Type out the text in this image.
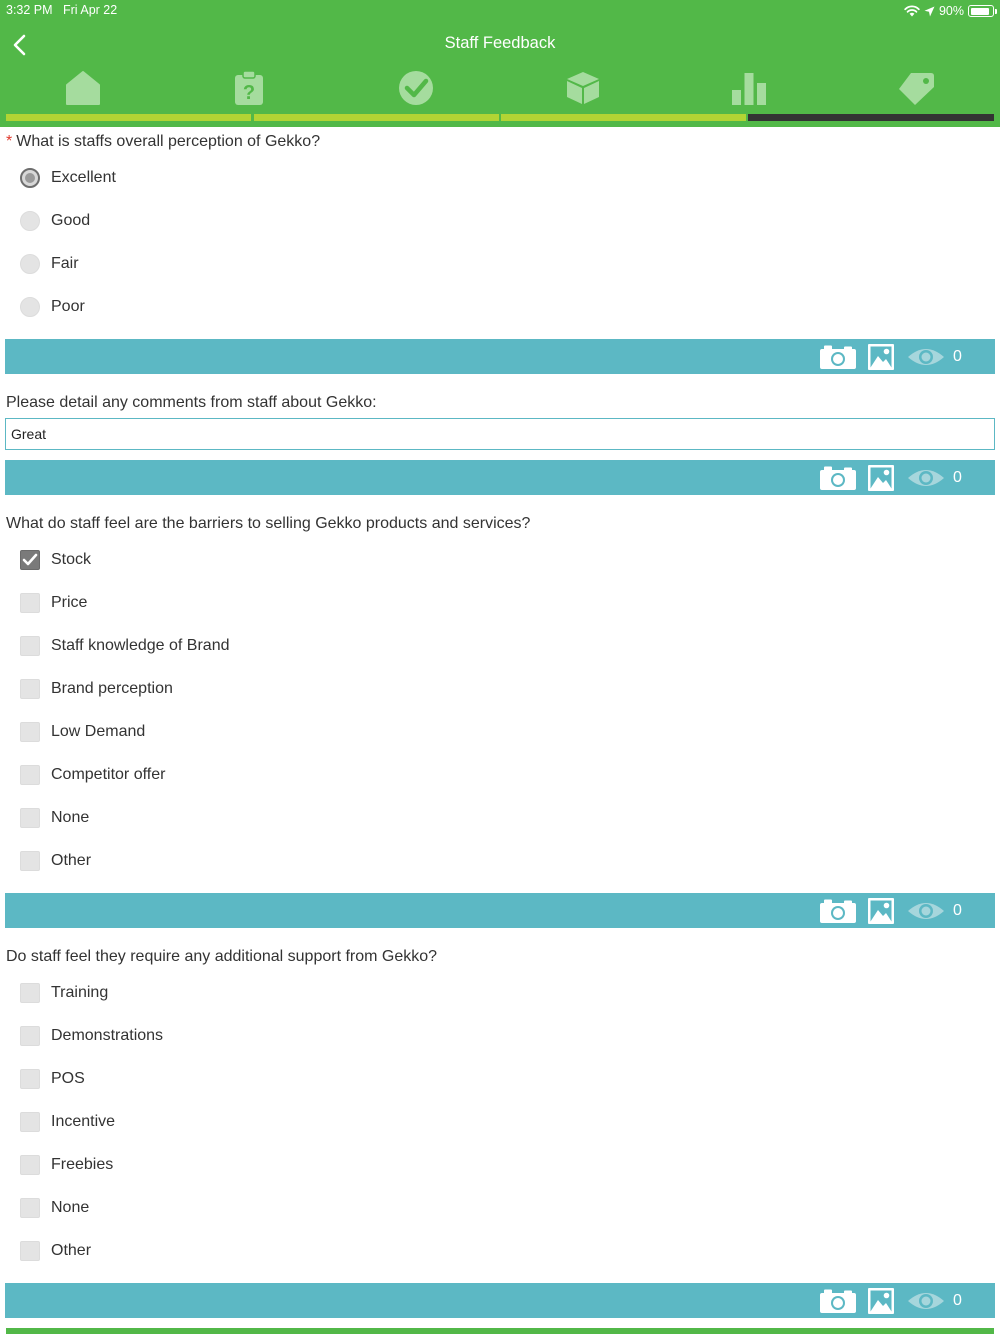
3:32 PM Fri Apr 22	90%
Staff Feedback
?
* What is staffs overall perception of Gekko?
Excellent
Good
Fair
Poor
0
Please detail any comments from staff about Gekko:
Great
0
What do staff feel are the barriers to selling Gekko products and services?
Stock
Price
Staff knowledge of Brand
Brand perception
Low Demand
Competitor offer
None
Other
0
Do staff feel they require any additional support from Gekko?
Training
Demonstrations
POS
Incentive
Freebies
None
Other
0
